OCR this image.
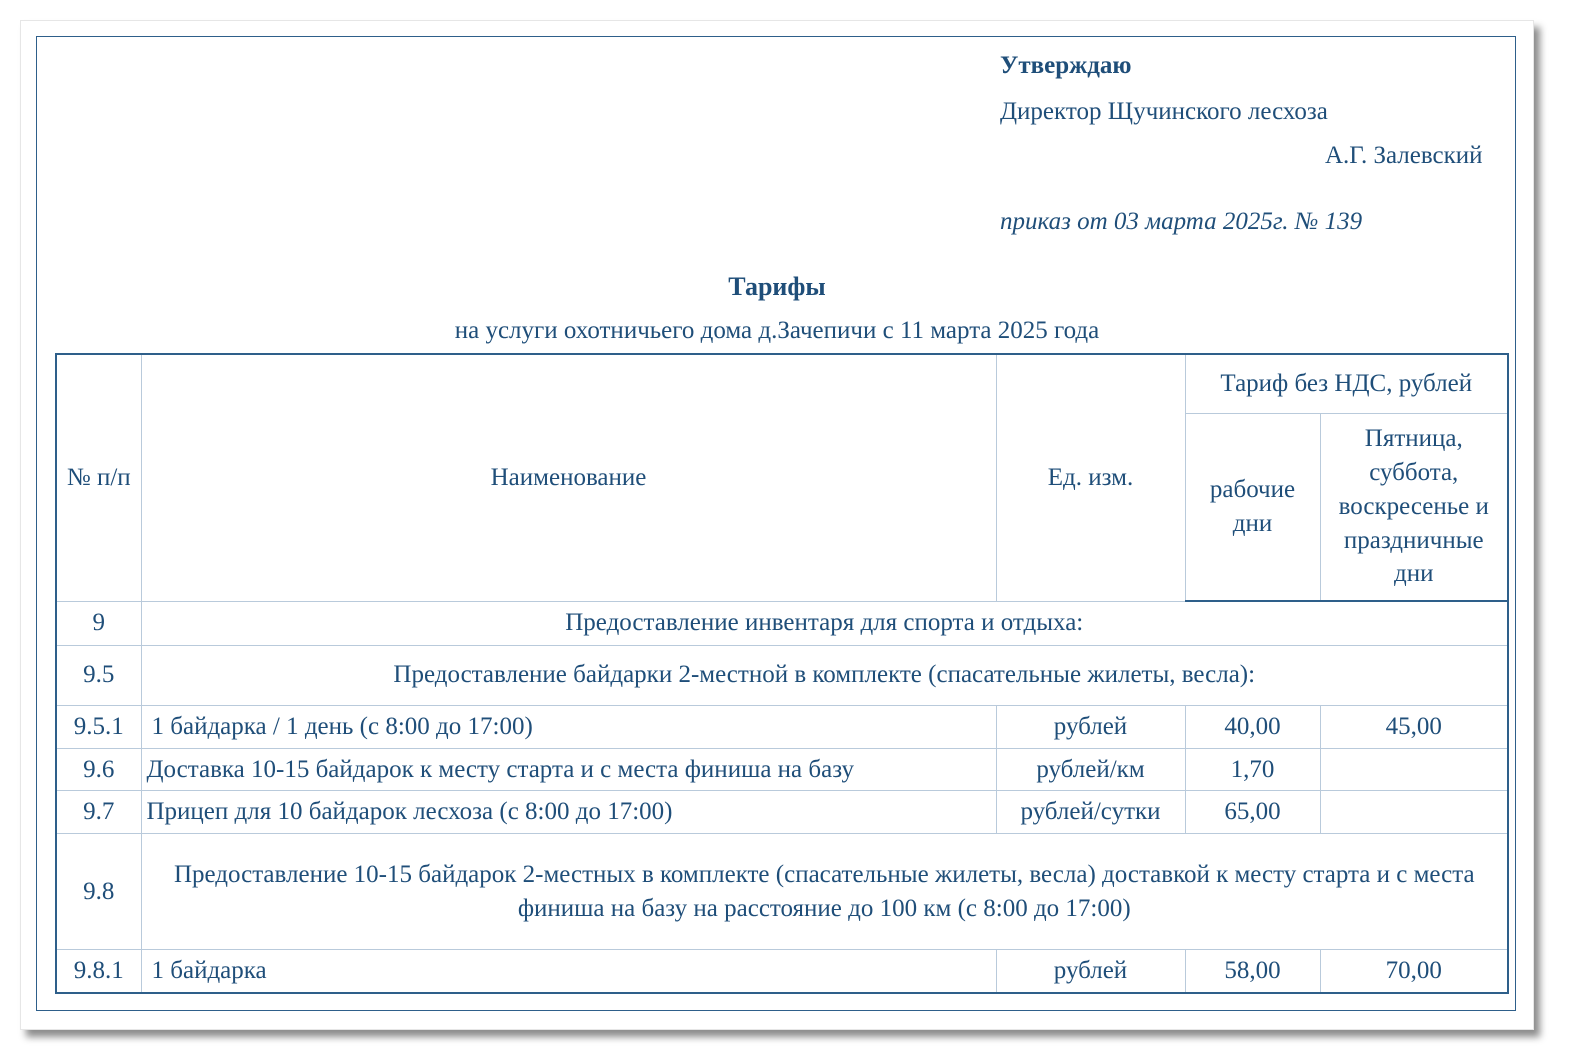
Утверждаю
Директор Щучинского лесхоза
А.Г. Залевский
приказ от 03 марта 2025г. № 139
Тарифы
на услуги охотничьего дома д.Зачепичи с 11 марта 2025 года
№ п/п	Наименование	Ед. изм.	Тариф без НДС, рублей	
			рабочие дни	Пятница, суббота, воскресенье и праздничные дни
9	Предоставление инвентаря для спорта и отдыха:			
9.5	Предоставление байдарки 2-местной в комплекте (спасательные жилеты, весла):			
9.5.1	1 байдарка / 1 день (с 8:00 до 17:00)	рублей	40,00	45,00
9.6	Доставка 10-15 байдарок к месту старта и с места финиша на базу	рублей/км	1,70	
9.7	Прицеп для 10 байдарок лесхоза (с 8:00 до 17:00)	рублей/сутки	65,00	
9.8	Предоставление 10-15 байдарок 2-местных в комплекте (спасательные жилеты, весла) доставкой к месту старта и с места финиша на базу на расстояние до 100 км (с 8:00 до 17:00)			
9.8.1	1 байдарка	рублей	58,00	70,00
